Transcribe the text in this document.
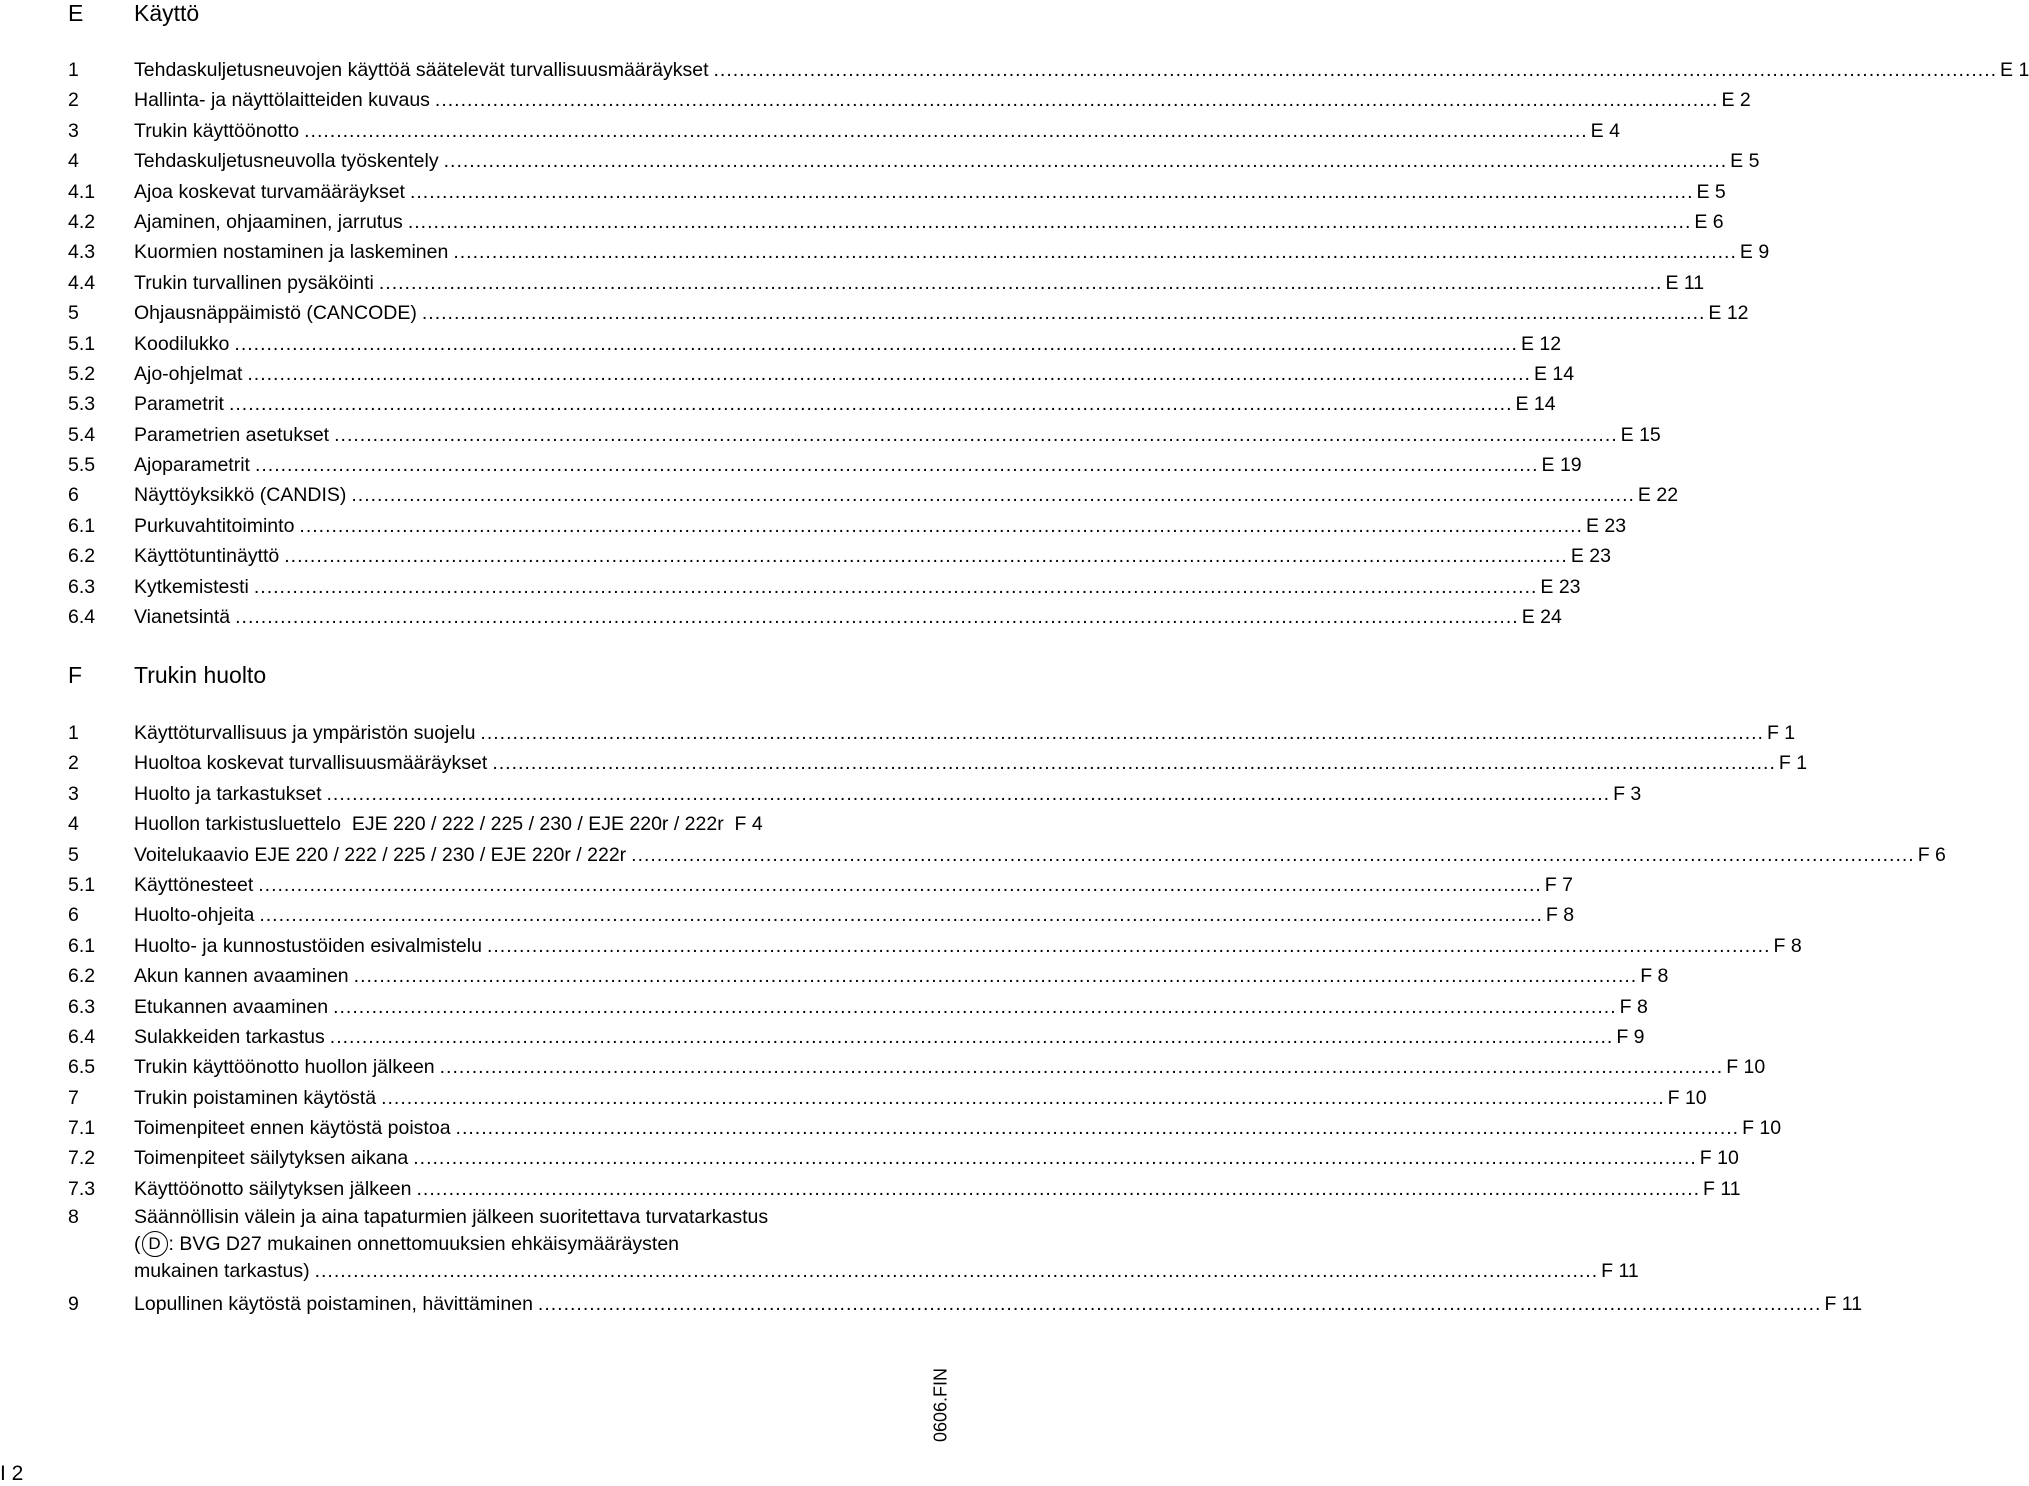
E Käyttö
1	Tehdaskuljetusneuvojen käyttöä säätelevät turvallisuusmääräykset ........................................................................................................................................................................................................ E 1
2	Hallinta- ja näyttölaitteiden kuvaus ........................................................................................................................................................................................................ E 2
3	Trukin käyttöönotto ........................................................................................................................................................................................................ E 4
4	Tehdaskuljetusneuvolla työskentely ........................................................................................................................................................................................................ E 5
4.1 Ajoa koskevat turvamääräykset ........................................................................................................................................................................................................ E 5
4.2 Ajaminen, ohjaaminen, jarrutus ........................................................................................................................................................................................................ E 6
4.3 Kuormien nostaminen ja laskeminen ........................................................................................................................................................................................................ E 9
4.4 Trukin turvallinen pysäköinti ........................................................................................................................................................................................................ E 11
5	Ohjausnäppäimistö (CANCODE) ........................................................................................................................................................................................................ E 12
5.1 Koodilukko ........................................................................................................................................................................................................ E 12
5.2 Ajo-ohjelmat ........................................................................................................................................................................................................ E 14
5.3 Parametrit ........................................................................................................................................................................................................ E 14
5.4 Parametrien asetukset ........................................................................................................................................................................................................ E 15
5.5 Ajoparametrit ........................................................................................................................................................................................................ E 19
6	Näyttöyksikkö (CANDIS) ........................................................................................................................................................................................................ E 22
6.1 Purkuvahtitoiminto ........................................................................................................................................................................................................ E 23
6.2 Käyttötuntinäyttö ........................................................................................................................................................................................................ E 23
6.3 Kytkemistesti ........................................................................................................................................................................................................ E 23
6.4 Vianetsintä ........................................................................................................................................................................................................ E 24
F Trukin huolto
1	Käyttöturvallisuus ja ympäristön suojelu ........................................................................................................................................................................................................ F 1
2	Huoltoa koskevat turvallisuusmääräykset ........................................................................................................................................................................................................ F 1
3	Huolto ja tarkastukset ........................................................................................................................................................................................................ F 3
4	Huollon tarkistusluettelo  EJE 220 / 222 / 225 / 230 / EJE 220r / 222r  F 4
5	Voitelukaavio EJE 220 / 222 / 225 / 230 / EJE 220r / 222r ........................................................................................................................................................................................................ F 6
5.1 Käyttönesteet ........................................................................................................................................................................................................ F 7
6	Huolto-ohjeita ........................................................................................................................................................................................................ F 8
6.1 Huolto- ja kunnostustöiden esivalmistelu ........................................................................................................................................................................................................ F 8
6.2 Akun kannen avaaminen ........................................................................................................................................................................................................ F 8
6.3 Etukannen avaaminen ........................................................................................................................................................................................................ F 8
6.4 Sulakkeiden tarkastus ........................................................................................................................................................................................................ F 9
6.5 Trukin käyttöönotto huollon jälkeen ........................................................................................................................................................................................................ F 10
7	Trukin poistaminen käytöstä ........................................................................................................................................................................................................ F 10
7.1 Toimenpiteet ennen käytöstä poistoa ........................................................................................................................................................................................................ F 10
7.2 Toimenpiteet säilytyksen aikana ........................................................................................................................................................................................................ F 10
7.3 Käyttöönotto säilytyksen jälkeen ........................................................................................................................................................................................................ F 11
8	Säännöllisin välein ja aina tapaturmien jälkeen suoritettava turvatarkastus
( D : BVG D27 mukainen onnettomuuksien ehkäisymääräysten
mukainen tarkastus) ........................................................................................................................................................................................................ F 11
9	Lopullinen käytöstä poistaminen, hävittäminen ........................................................................................................................................................................................................ F 11
0606.FIN
I 2
